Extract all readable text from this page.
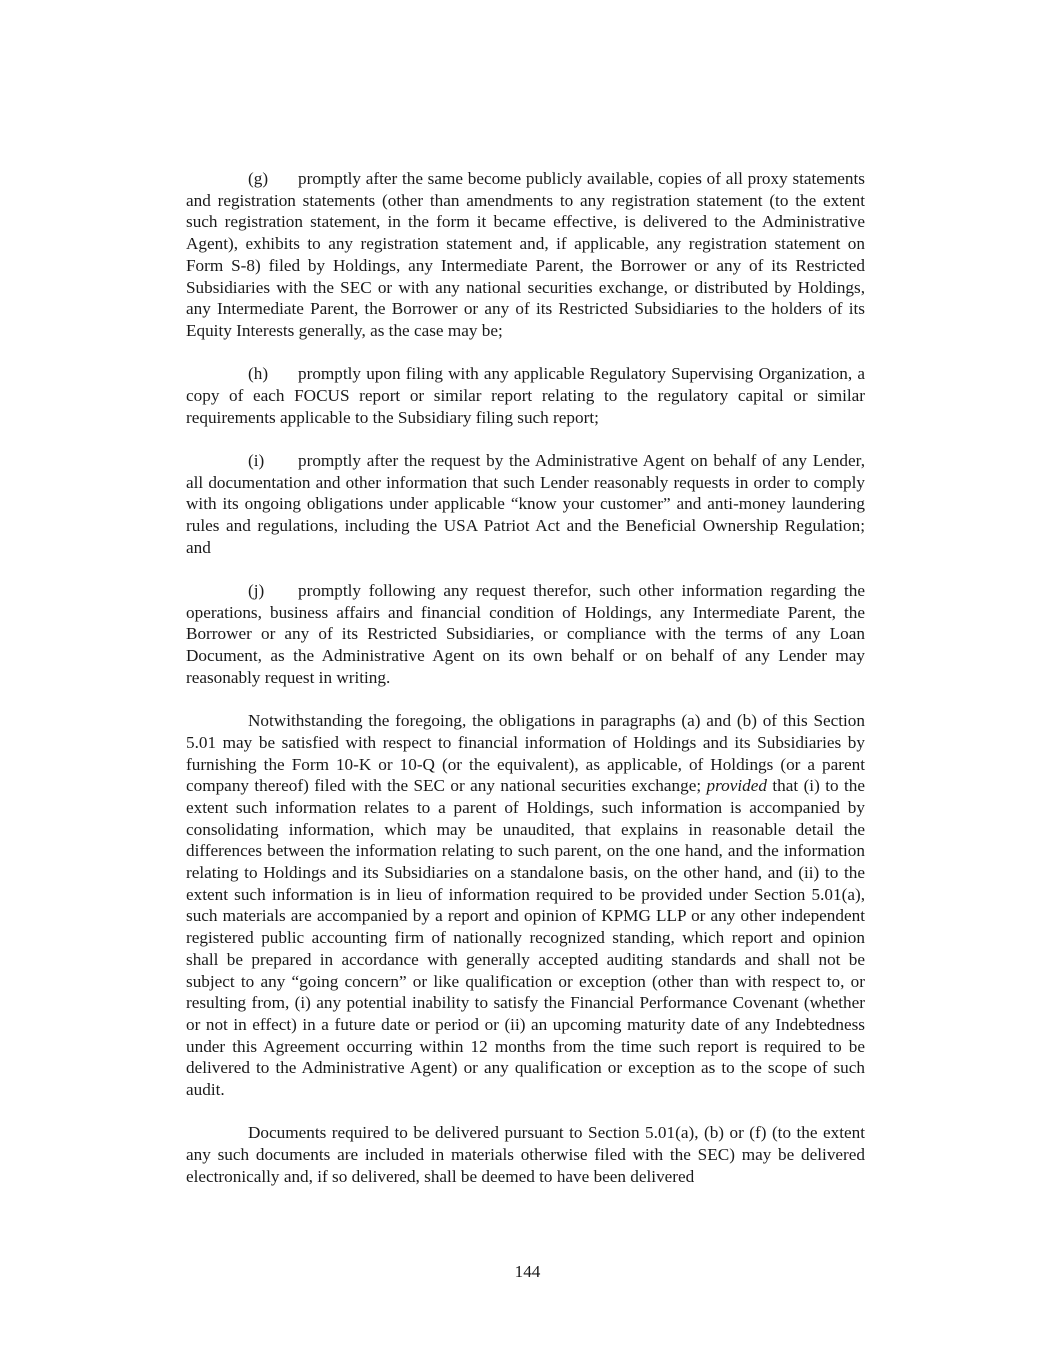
(g) promptly after the same become publicly available, copies of all proxy statements and registration statements (other than amendments to any registration statement (to the extent such registration statement, in the form it became effective, is delivered to the Administrative Agent), exhibits to any registration statement and, if applicable, any registration statement on Form S-8) filed by Holdings, any Intermediate Parent, the Borrower or any of its Restricted Subsidiaries with the SEC or with any national securities exchange, or distributed by Holdings, any Intermediate Parent, the Borrower or any of its Restricted Subsidiaries to the holders of its Equity Interests generally, as the case may be;

(h) promptly upon filing with any applicable Regulatory Supervising Organization, a copy of each FOCUS report or similar report relating to the regulatory capital or similar requirements applicable to the Subsidiary filing such report;

(i) promptly after the request by the Administrative Agent on behalf of any Lender, all documentation and other information that such Lender reasonably requests in order to comply with its ongoing obligations under applicable “know your customer” and anti-money laundering rules and regulations, including the USA Patriot Act and the Beneficial Ownership Regulation; and

(j) promptly following any request therefor, such other information regarding the operations, business affairs and financial condition of Holdings, any Intermediate Parent, the Borrower or any of its Restricted Subsidiaries, or compliance with the terms of any Loan Document, as the Administrative Agent on its own behalf or on behalf of any Lender may reasonably request in writing.

Notwithstanding the foregoing, the obligations in paragraphs (a) and (b) of this Section 5.01 may be satisfied with respect to financial information of Holdings and its Subsidiaries by furnishing the Form 10-K or 10-Q (or the equivalent), as applicable, of Holdings (or a parent company thereof) filed with the SEC or any national securities exchange; provided that (i) to the extent such information relates to a parent of Holdings, such information is accompanied by consolidating information, which may be unaudited, that explains in reasonable detail the differences between the information relating to such parent, on the one hand, and the information relating to Holdings and its Subsidiaries on a standalone basis, on the other hand, and (ii) to the extent such information is in lieu of information required to be provided under Section 5.01(a), such materials are accompanied by a report and opinion of KPMG LLP or any other independent registered public accounting firm of nationally recognized standing, which report and opinion shall be prepared in accordance with generally accepted auditing standards and shall not be subject to any “going concern” or like qualification or exception (other than with respect to, or resulting from, (i) any potential inability to satisfy the Financial Performance Covenant (whether or not in effect) in a future date or period or (ii) an upcoming maturity date of any Indebtedness under this Agreement occurring within 12 months from the time such report is required to be delivered to the Administrative Agent) or any qualification or exception as to the scope of such audit.

Documents required to be delivered pursuant to Section 5.01(a), (b) or (f) (to the extent any such documents are included in materials otherwise filed with the SEC) may be delivered electronically and, if so delivered, shall be deemed to have been delivered

144
